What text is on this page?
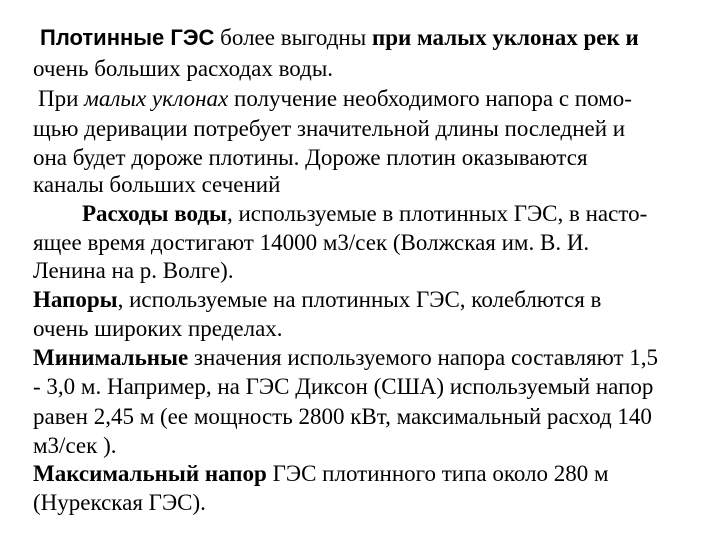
Плотинные ГЭС более выгодны при малых уклонах рек и
очень больших расходах воды.
При малых уклонах получение необходимого напора с помо-
щью деривации потребует значительной длины последней и
она будет дороже плотины. Дороже плотин оказываются
каналы больших сечений
Расходы воды, используемые в плотинных ГЭС, в насто-
ящее время достигают 14000 м3/сек (Волжская им. В. И.
Ленина на р. Волге).
Напоры, используемые на плотинных ГЭС, колеблются в
очень широких пределах.
Минимальные значения используемого напора составляют 1,5
- 3,0 м. Например, на ГЭС Диксон (США) используемый напор
равен 2,45 м (ее мощность 2800 кВт, максимальный расход 140
м3/сек ).
Максимальный напор ГЭС плотинного типа около 280 м
(Нурекская ГЭС).
